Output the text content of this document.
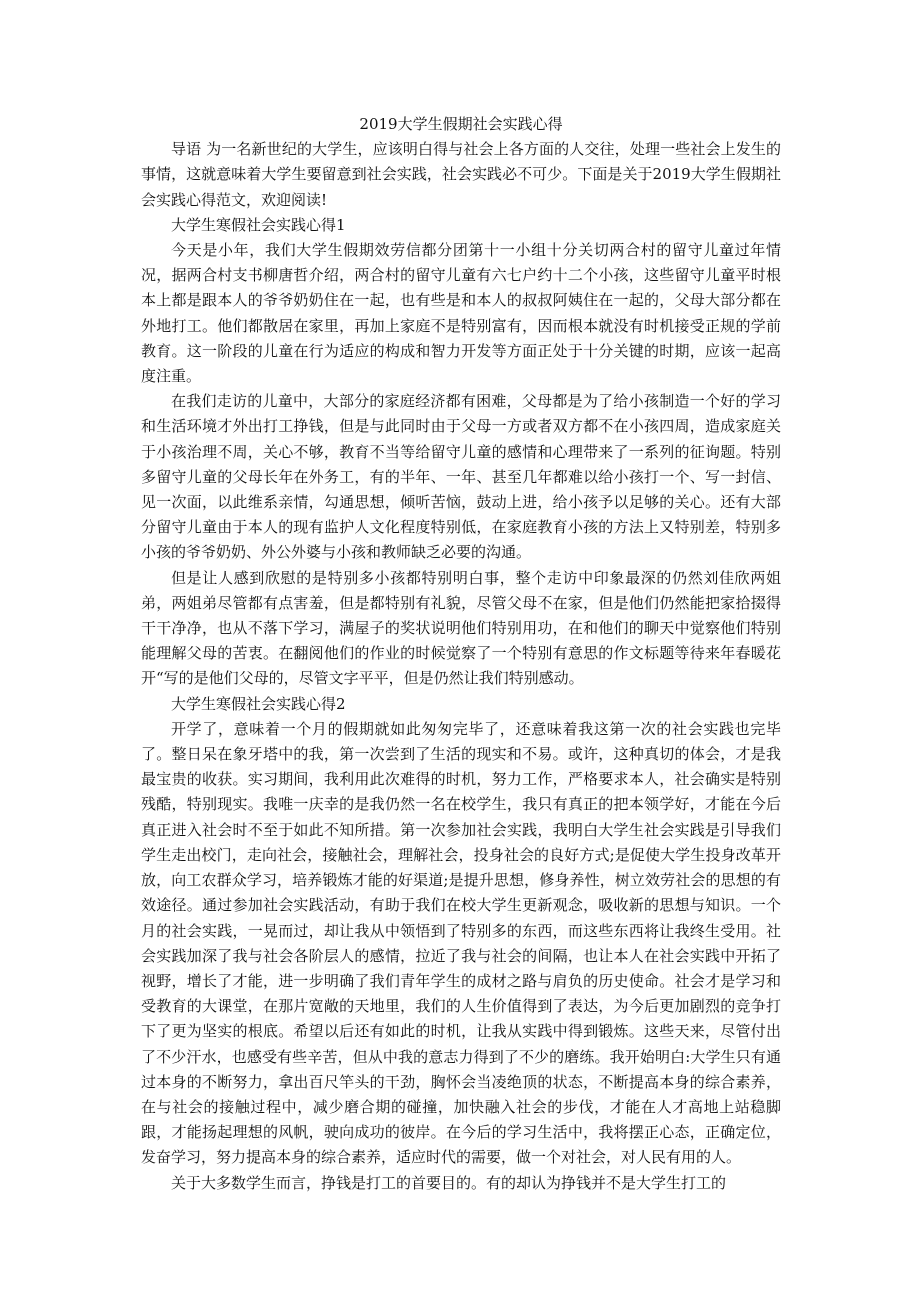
2019大学生假期社会实践心得

导语 为一名新世纪的大学生，应该明白得与社会上各方面的人交往，处理一些社会上发生的事情，这就意味着大学生要留意到社会实践，社会实践必不可少。下面是关于2019大学生假期社会实践心得范文，欢迎阅读!

大学生寒假社会实践心得1

今天是小年，我们大学生假期效劳信都分团第十一小组十分关切两合村的留守儿童过年情况，据两合村支书柳唐哲介绍，两合村的留守儿童有六七户约十二个小孩，这些留守儿童平时根本上都是跟本人的爷爷奶奶住在一起，也有些是和本人的叔叔阿姨住在一起的，父母大部分都在外地打工。他们都散居在家里，再加上家庭不是特别富有，因而根本就没有时机接受正规的学前教育。这一阶段的儿童在行为适应的构成和智力开发等方面正处于十分关键的时期，应该一起高度注重。

在我们走访的儿童中，大部分的家庭经济都有困难，父母都是为了给小孩制造一个好的学习和生活环境才外出打工挣钱，但是与此同时由于父母一方或者双方都不在小孩四周，造成家庭关于小孩治理不周，关心不够，教育不当等给留守儿童的感情和心理带来了一系列的征询题。特别多留守儿童的父母长年在外务工，有的半年、一年、甚至几年都难以给小孩打一个、写一封信、见一次面，以此维系亲情，勾通思想，倾听苦恼，鼓动上进，给小孩予以足够的关心。还有大部分留守儿童由于本人的现有监护人文化程度特别低，在家庭教育小孩的方法上又特别差，特别多小孩的爷爷奶奶、外公外婆与小孩和教师缺乏必要的沟通。

但是让人感到欣慰的是特别多小孩都特别明白事，整个走访中印象最深的仍然刘佳欣两姐弟，两姐弟尽管都有点害羞，但是都特别有礼貌，尽管父母不在家，但是他们仍然能把家拾掇得干干净净，也从不落下学习，满屋子的奖状说明他们特别用功，在和他们的聊天中觉察他们特别能理解父母的苦衷。在翻阅他们的作业的时候觉察了一个特别有意思的作文标题等待来年春暖花开“写的是他们父母的，尽管文字平平，但是仍然让我们特别感动。

大学生寒假社会实践心得2

开学了，意味着一个月的假期就如此匆匆完毕了，还意味着我这第一次的社会实践也完毕了。整日呆在象牙塔中的我，第一次尝到了生活的现实和不易。或许，这种真切的体会，才是我最宝贵的收获。实习期间，我利用此次难得的时机，努力工作，严格要求本人，社会确实是特别残酷，特别现实。我唯一庆幸的是我仍然一名在校学生，我只有真正的把本领学好，才能在今后真正进入社会时不至于如此不知所措。第一次参加社会实践，我明白大学生社会实践是引导我们学生走出校门，走向社会，接触社会，理解社会，投身社会的良好方式;是促使大学生投身改革开放，向工农群众学习，培养锻炼才能的好渠道;是提升思想，修身养性，树立效劳社会的思想的有效途径。通过参加社会实践活动，有助于我们在校大学生更新观念，吸收新的思想与知识。一个月的社会实践，一晃而过，却让我从中领悟到了特别多的东西，而这些东西将让我终生受用。社会实践加深了我与社会各阶层人的感情，拉近了我与社会的间隔，也让本人在社会实践中开拓了视野，增长了才能，进一步明确了我们青年学生的成材之路与肩负的历史使命。社会才是学习和受教育的大课堂，在那片宽敞的天地里，我们的人生价值得到了表达，为今后更加剧烈的竞争打下了更为坚实的根底。希望以后还有如此的时机，让我从实践中得到锻炼。这些天来，尽管付出了不少汗水，也感受有些辛苦，但从中我的意志力得到了不少的磨练。我开始明白:大学生只有通过本身的不断努力，拿出百尺竿头的干劲，胸怀会当凌绝顶的状态，不断提高本身的综合素养，在与社会的接触过程中，减少磨合期的碰撞，加快融入社会的步伐，才能在人才高地上站稳脚跟，才能扬起理想的风帆，驶向成功的彼岸。在今后的学习生活中，我将摆正心态，正确定位，发奋学习，努力提高本身的综合素养，适应时代的需要，做一个对社会，对人民有用的人。

关于大多数学生而言，挣钱是打工的首要目的。有的却认为挣钱并不是大学生打工的
